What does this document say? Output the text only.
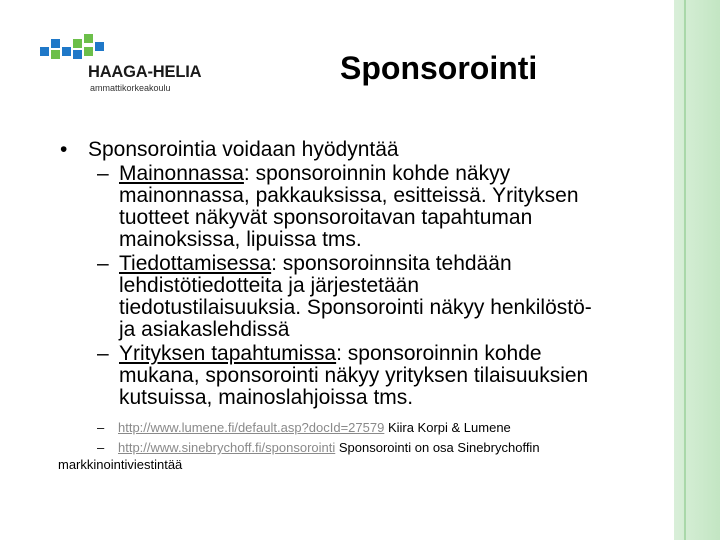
HAAGA-HELIA
ammattikorkeakoulu
Sponsorointi
• Sponsorointia voidaan hyödyntää
– Mainonnassa: sponsoroinnin kohde näkyy
mainonnassa, pakkauksissa, esitteissä. Yrityksen
tuotteet näkyvät sponsoroitavan tapahtuman
mainoksissa, lipuissa tms.
– Tiedottamisessa: sponsoroinnsita tehdään
lehdistötiedotteita ja järjestetään
tiedotustilaisuuksia. Sponsorointi näkyy henkilöstö-
ja asiakaslehdissä
– Yrityksen tapahtumissa: sponsoroinnin kohde
mukana, sponsorointi näkyy yrityksen tilaisuuksien
kutsuissa, mainoslahjoissa tms.
– http://www.lumene.fi/default.asp?docId=27579 Kiira Korpi & Lumene
– http://www.sinebrychoff.fi/sponsorointi Sponsorointi on osa Sinebrychoffin
markkinointiviestintää
